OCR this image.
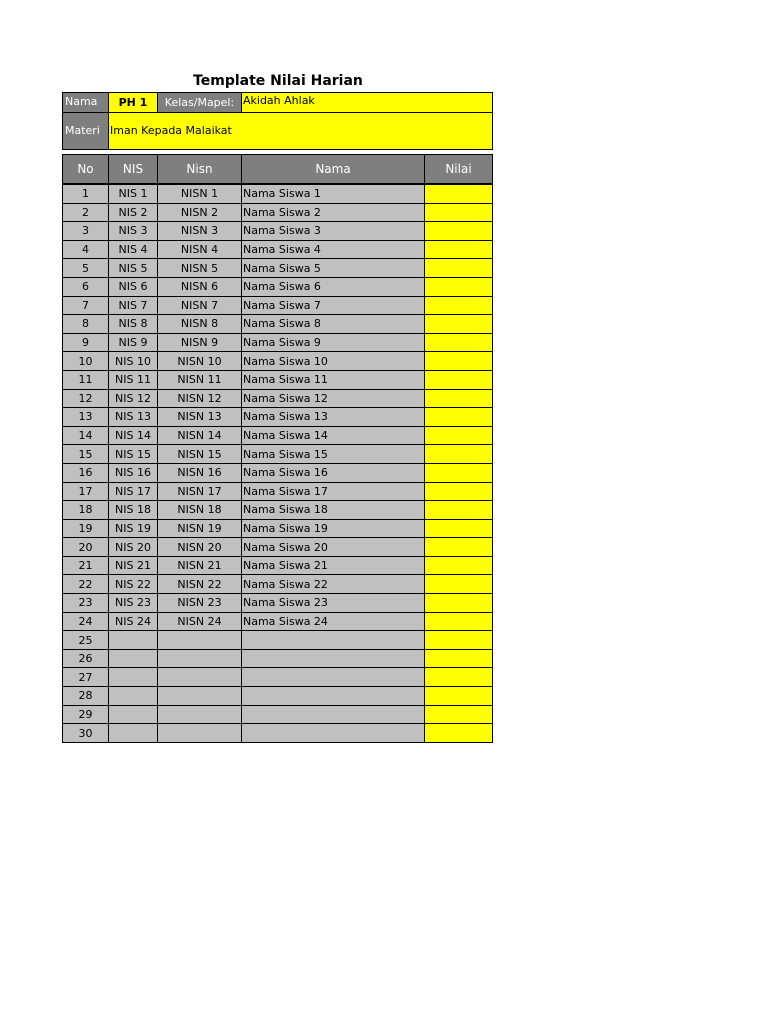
Template Nilai Harian
Nama	PH 1	Kelas/Mapel: Akidah Ahlak
Materi Iman Kepada Malaikat
No	NIS	Nisn	Nama	Nilai
1	NIS 1	NISN 1	Nama Siswa 1	
2	NIS 2	NISN 2	Nama Siswa 2	
3	NIS 3	NISN 3	Nama Siswa 3	
4	NIS 4	NISN 4	Nama Siswa 4	
5	NIS 5	NISN 5	Nama Siswa 5	
6	NIS 6	NISN 6	Nama Siswa 6	
7	NIS 7	NISN 7	Nama Siswa 7	
8	NIS 8	NISN 8	Nama Siswa 8	
9	NIS 9	NISN 9	Nama Siswa 9	
10	NIS 10	NISN 10	Nama Siswa 10	
11	NIS 11	NISN 11	Nama Siswa 11	
12	NIS 12	NISN 12	Nama Siswa 12	
13	NIS 13	NISN 13	Nama Siswa 13	
14	NIS 14	NISN 14	Nama Siswa 14	
15	NIS 15	NISN 15	Nama Siswa 15	
16	NIS 16	NISN 16	Nama Siswa 16	
17	NIS 17	NISN 17	Nama Siswa 17	
18	NIS 18	NISN 18	Nama Siswa 18	
19	NIS 19	NISN 19	Nama Siswa 19	
20	NIS 20	NISN 20	Nama Siswa 20	
21	NIS 21	NISN 21	Nama Siswa 21	
22	NIS 22	NISN 22	Nama Siswa 22	
23	NIS 23	NISN 23	Nama Siswa 23	
24	NIS 24	NISN 24	Nama Siswa 24	
25				
26				
27				
28				
29				
30				
